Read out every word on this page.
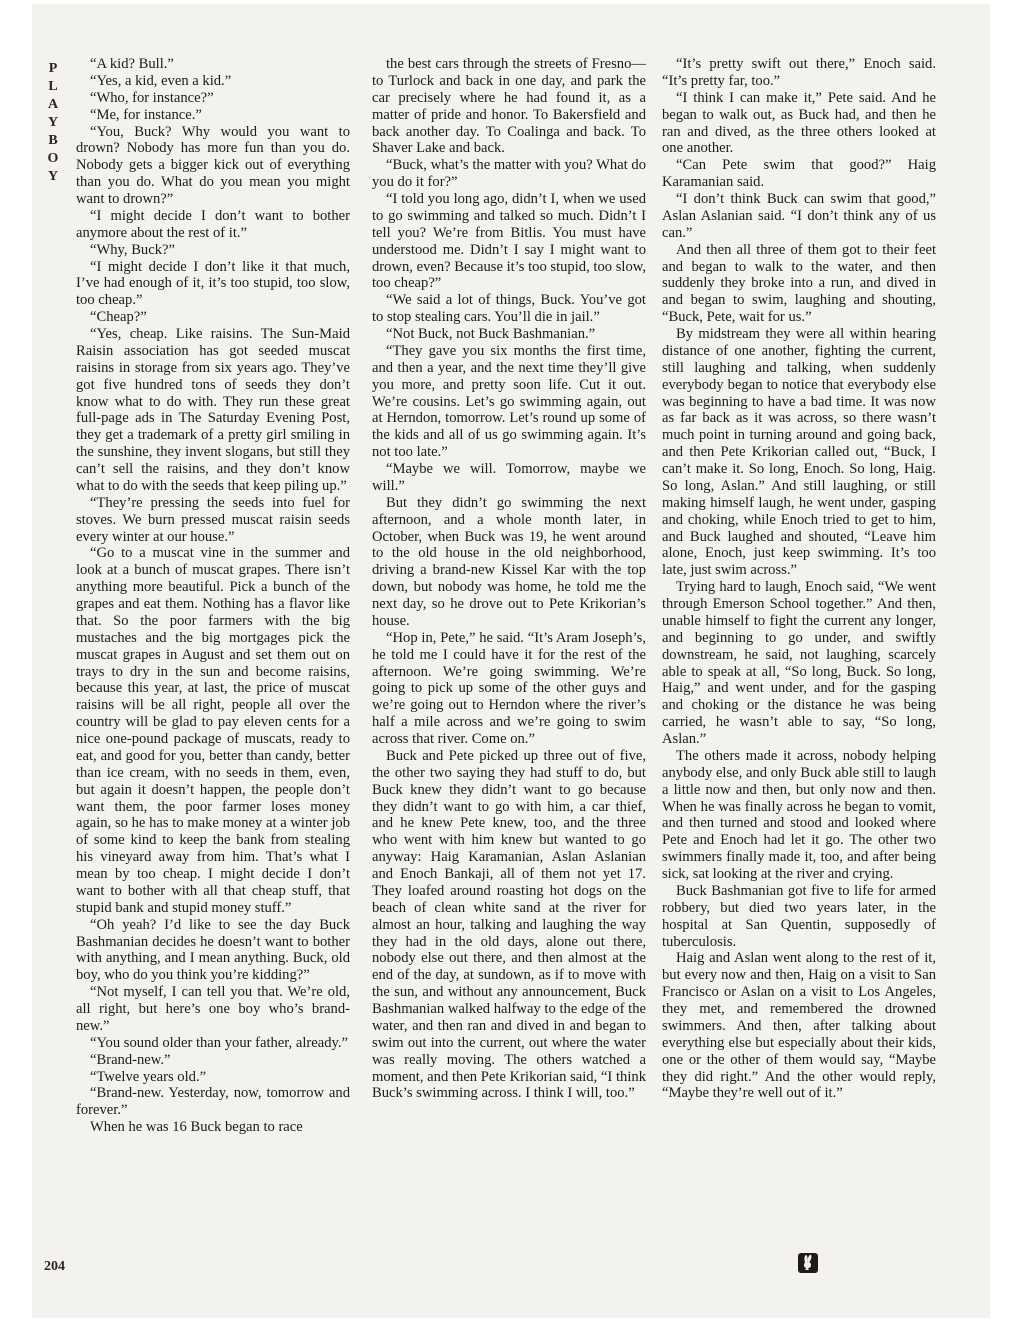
P
L
A
Y
B
O
Y

“A kid? Bull.”

“Yes, a kid, even a kid.”

“Who, for instance?”

“Me, for instance.”

“You, Buck? Why would you want to drown? Nobody has more fun than you do. Nobody gets a bigger kick out of everything than you do. What do you mean you might want to drown?”

“I might decide I don’t want to bother anymore about the rest of it.”

“Why, Buck?”

“I might decide I don’t like it that much, I’ve had enough of it, it’s too stupid, too slow, too cheap.”

“Cheap?”

“Yes, cheap. Like raisins. The Sun-Maid Raisin association has got seeded muscat raisins in storage from six years ago. They’ve got five hundred tons of seeds they don’t know what to do with. They run these great full-page ads in The Saturday Evening Post, they get a trademark of a pretty girl smiling in the sunshine, they invent slogans, but still they can’t sell the raisins, and they don’t know what to do with the seeds that keep piling up.”

“They’re pressing the seeds into fuel for stoves. We burn pressed muscat raisin seeds every winter at our house.”

“Go to a muscat vine in the summer and look at a bunch of muscat grapes. There isn’t anything more beautiful. Pick a bunch of the grapes and eat them. Nothing has a flavor like that. So the poor farmers with the big mustaches and the big mortgages pick the muscat grapes in August and set them out on trays to dry in the sun and become raisins, because this year, at last, the price of muscat raisins will be all right, people all over the country will be glad to pay eleven cents for a nice one-pound package of muscats, ready to eat, and good for you, better than candy, better than ice cream, with no seeds in them, even, but again it doesn’t happen, the people don’t want them, the poor farmer loses money again, so he has to make money at a winter job of some kind to keep the bank from stealing his vineyard away from him. That’s what I mean by too cheap. I might decide I don’t want to bother with all that cheap stuff, that stupid bank and stupid money stuff.”

“Oh yeah? I’d like to see the day Buck Bashmanian decides he doesn’t want to bother with anything, and I mean anything. Buck, old boy, who do you think you’re kidding?”

“Not myself, I can tell you that. We’re old, all right, but here’s one boy who’s brand-new.”

“You sound older than your father, already.”

“Brand-new.”

“Twelve years old.”

“Brand-new. Yesterday, now, tomorrow and forever.”

When he was 16 Buck began to race

the best cars through the streets of Fresno—to Turlock and back in one day, and park the car precisely where he had found it, as a matter of pride and honor. To Bakersfield and back another day. To Coalinga and back. To Shaver Lake and back.

“Buck, what’s the matter with you? What do you do it for?”

“I told you long ago, didn’t I, when we used to go swimming and talked so much. Didn’t I tell you? We’re from Bitlis. You must have understood me. Didn’t I say I might want to drown, even? Because it’s too stupid, too slow, too cheap?”

“We said a lot of things, Buck. You’ve got to stop stealing cars. You’ll die in jail.”

“Not Buck, not Buck Bashmanian.”

“They gave you six months the first time, and then a year, and the next time they’ll give you more, and pretty soon life. Cut it out. We’re cousins. Let’s go swimming again, out at Herndon, tomorrow. Let’s round up some of the kids and all of us go swimming again. It’s not too late.”

“Maybe we will. Tomorrow, maybe we will.”

But they didn’t go swimming the next afternoon, and a whole month later, in October, when Buck was 19, he went around to the old house in the old neighborhood, driving a brand-new Kissel Kar with the top down, but nobody was home, he told me the next day, so he drove out to Pete Krikorian’s house.

“Hop in, Pete,” he said. “It’s Aram Joseph’s, he told me I could have it for the rest of the afternoon. We’re going swimming. We’re going to pick up some of the other guys and we’re going out to Herndon where the river’s half a mile across and we’re going to swim across that river. Come on.”

Buck and Pete picked up three out of five, the other two saying they had stuff to do, but Buck knew they didn’t want to go because they didn’t want to go with him, a car thief, and he knew Pete knew, too, and the three who went with him knew but wanted to go anyway: Haig Karamanian, Aslan Aslanian and Enoch Bankaji, all of them not yet 17. They loafed around roasting hot dogs on the beach of clean white sand at the river for almost an hour, talking and laughing the way they had in the old days, alone out there, nobody else out there, and then almost at the end of the day, at sundown, as if to move with the sun, and without any announcement, Buck Bashmanian walked halfway to the edge of the water, and then ran and dived in and began to swim out into the current, out where the water was really moving. The others watched a moment, and then Pete Krikorian said, “I think Buck’s swimming across. I think I will, too.”

“It’s pretty swift out there,” Enoch said. “It’s pretty far, too.”

“I think I can make it,” Pete said. And he began to walk out, as Buck had, and then he ran and dived, as the three others looked at one another.

“Can Pete swim that good?” Haig Karamanian said.

“I don’t think Buck can swim that good,” Aslan Aslanian said. “I don’t think any of us can.”

And then all three of them got to their feet and began to walk to the water, and then suddenly they broke into a run, and dived in and began to swim, laughing and shouting, “Buck, Pete, wait for us.”

By midstream they were all within hearing distance of one another, fighting the current, still laughing and talking, when suddenly everybody began to notice that everybody else was beginning to have a bad time. It was now as far back as it was across, so there wasn’t much point in turning around and going back, and then Pete Krikorian called out, “Buck, I can’t make it. So long, Enoch. So long, Haig. So long, Aslan.” And still laughing, or still making himself laugh, he went under, gasping and choking, while Enoch tried to get to him, and Buck laughed and shouted, “Leave him alone, Enoch, just keep swimming. It’s too late, just swim across.”

Trying hard to laugh, Enoch said, “We went through Emerson School together.” And then, unable himself to fight the current any longer, and beginning to go under, and swiftly downstream, he said, not laughing, scarcely able to speak at all, “So long, Buck. So long, Haig,” and went under, and for the gasping and choking or the distance he was being carried, he wasn’t able to say, “So long, Aslan.”

The others made it across, nobody helping anybody else, and only Buck able still to laugh a little now and then, but only now and then. When he was finally across he began to vomit, and then turned and stood and looked where Pete and Enoch had let it go. The other two swimmers finally made it, too, and after being sick, sat looking at the river and crying.

Buck Bashmanian got five to life for armed robbery, but died two years later, in the hospital at San Quentin, supposedly of tuberculosis.

Haig and Aslan went along to the rest of it, but every now and then, Haig on a visit to San Francisco or Aslan on a visit to Los Angeles, they met, and remembered the drowned swimmers. And then, after talking about everything else but especially about their kids, one or the other of them would say, “Maybe they did right.” And the other would reply, “Maybe they’re well out of it.”

204
